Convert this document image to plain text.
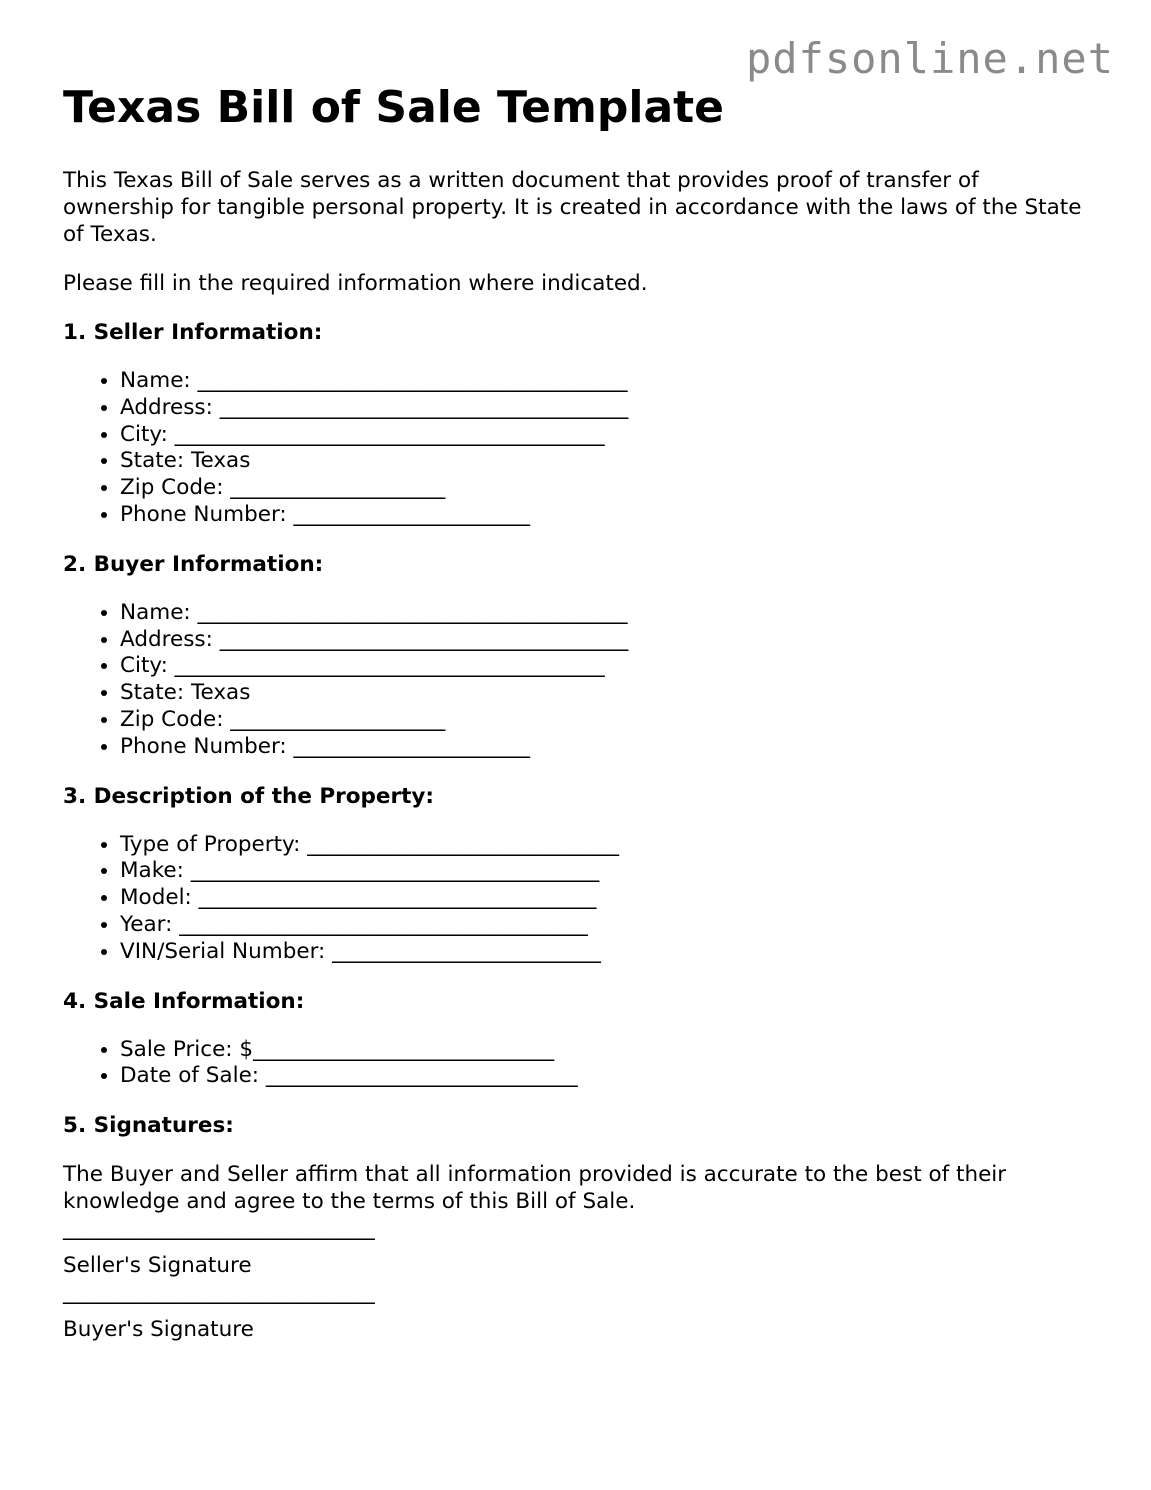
pdfsonline.net
Texas Bill of Sale Template

This Texas Bill of Sale serves as a written document that provides proof of transfer of ownership for tangible personal property. It is created in accordance with the laws of the State of Texas.

Please fill in the required information where indicated.

1. Seller Information:

• Name: ________________________________________
• Address: ______________________________________
• City: ________________________________________
• State: Texas
• Zip Code: ____________________
• Phone Number: ______________________

2. Buyer Information:

• Name: ________________________________________
• Address: ______________________________________
• City: ________________________________________
• State: Texas
• Zip Code: ____________________
• Phone Number: ______________________

3. Description of the Property:

• Type of Property: _____________________________
• Make: ______________________________________
• Model: _____________________________________
• Year: ______________________________________
• VIN/Serial Number: _________________________

4. Sale Information:

• Sale Price: $____________________________
• Date of Sale: _____________________________

5. Signatures:

The Buyer and Seller affirm that all information provided is accurate to the best of their knowledge and agree to the terms of this Bill of Sale.

_____________________________

Seller's Signature

_____________________________

Buyer's Signature
